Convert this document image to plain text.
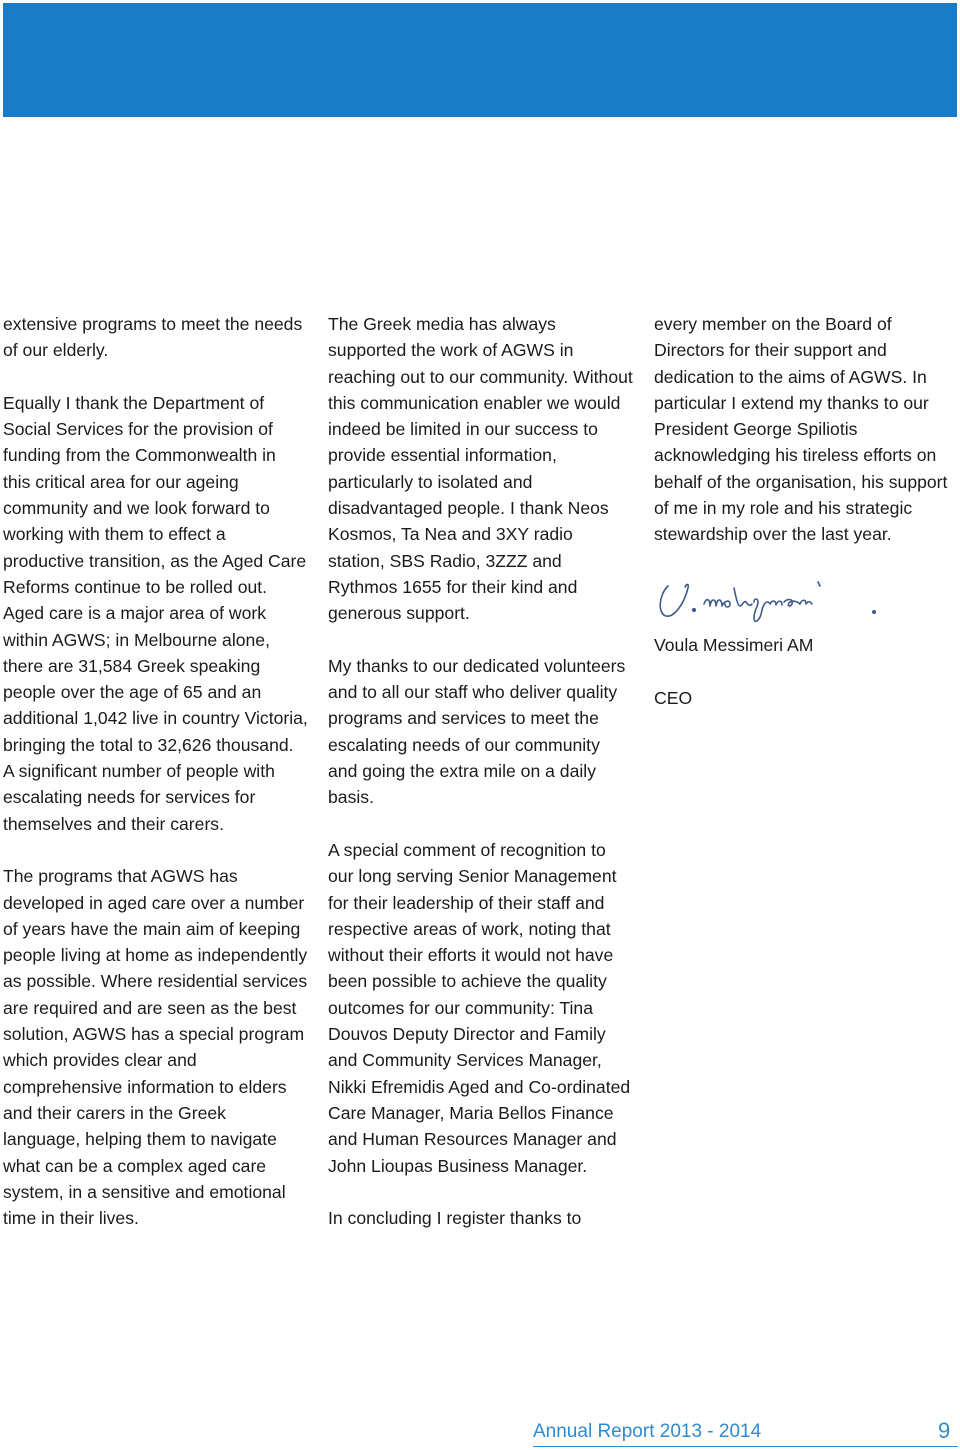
extensive programs to meet the needs of our elderly.

Equally I thank the Department of Social Services for the provision of funding from the Commonwealth in this critical area for our ageing community and we look forward to working with them to effect a productive transition, as the Aged Care Reforms continue to be rolled out. Aged care is a major area of work within AGWS; in Melbourne alone, there are 31,584 Greek speaking people over the age of 65 and an additional 1,042 live in country Victoria, bringing the total to 32,626 thousand. A significant number of people with escalating needs for services for themselves and their carers.

The programs that AGWS has developed in aged care over a number of years have the main aim of keeping people living at home as independently as possible. Where residential services are required and are seen as the best solution, AGWS has a special program which provides clear and comprehensive information to elders and their carers in the Greek language, helping them to navigate what can be a complex aged care system, in a sensitive and emotional time in their lives.

The Greek media has always supported the work of AGWS in reaching out to our community. Without this communication enabler we would indeed be limited in our success to provide essential information, particularly to isolated and disadvantaged people. I thank Neos Kosmos, Ta Nea and 3XY radio station, SBS Radio, 3ZZZ and Rythmos 1655 for their kind and generous support.

My thanks to our dedicated volunteers and to all our staff who deliver quality programs and services to meet the escalating needs of our community and going the extra mile on a daily basis.

A special comment of recognition to our long serving Senior Management for their leadership of their staff and respective areas of work, noting that without their efforts it would not have been possible to achieve the quality outcomes for our community: Tina Douvos Deputy Director and Family and Community Services Manager, Nikki Efremidis Aged and Co-ordinated Care Manager, Maria Bellos Finance and Human Resources Manager and John Lioupas Business Manager.

In concluding I register thanks to

every member on the Board of Directors for their support and dedication to the aims of AGWS. In particular I extend my thanks to our President George Spiliotis acknowledging his tireless efforts on behalf of the organisation, his support of me in my role and his strategic stewardship over the last year.

Voula Messimeri AM

CEO

Annual Report 2013 - 2014	9
